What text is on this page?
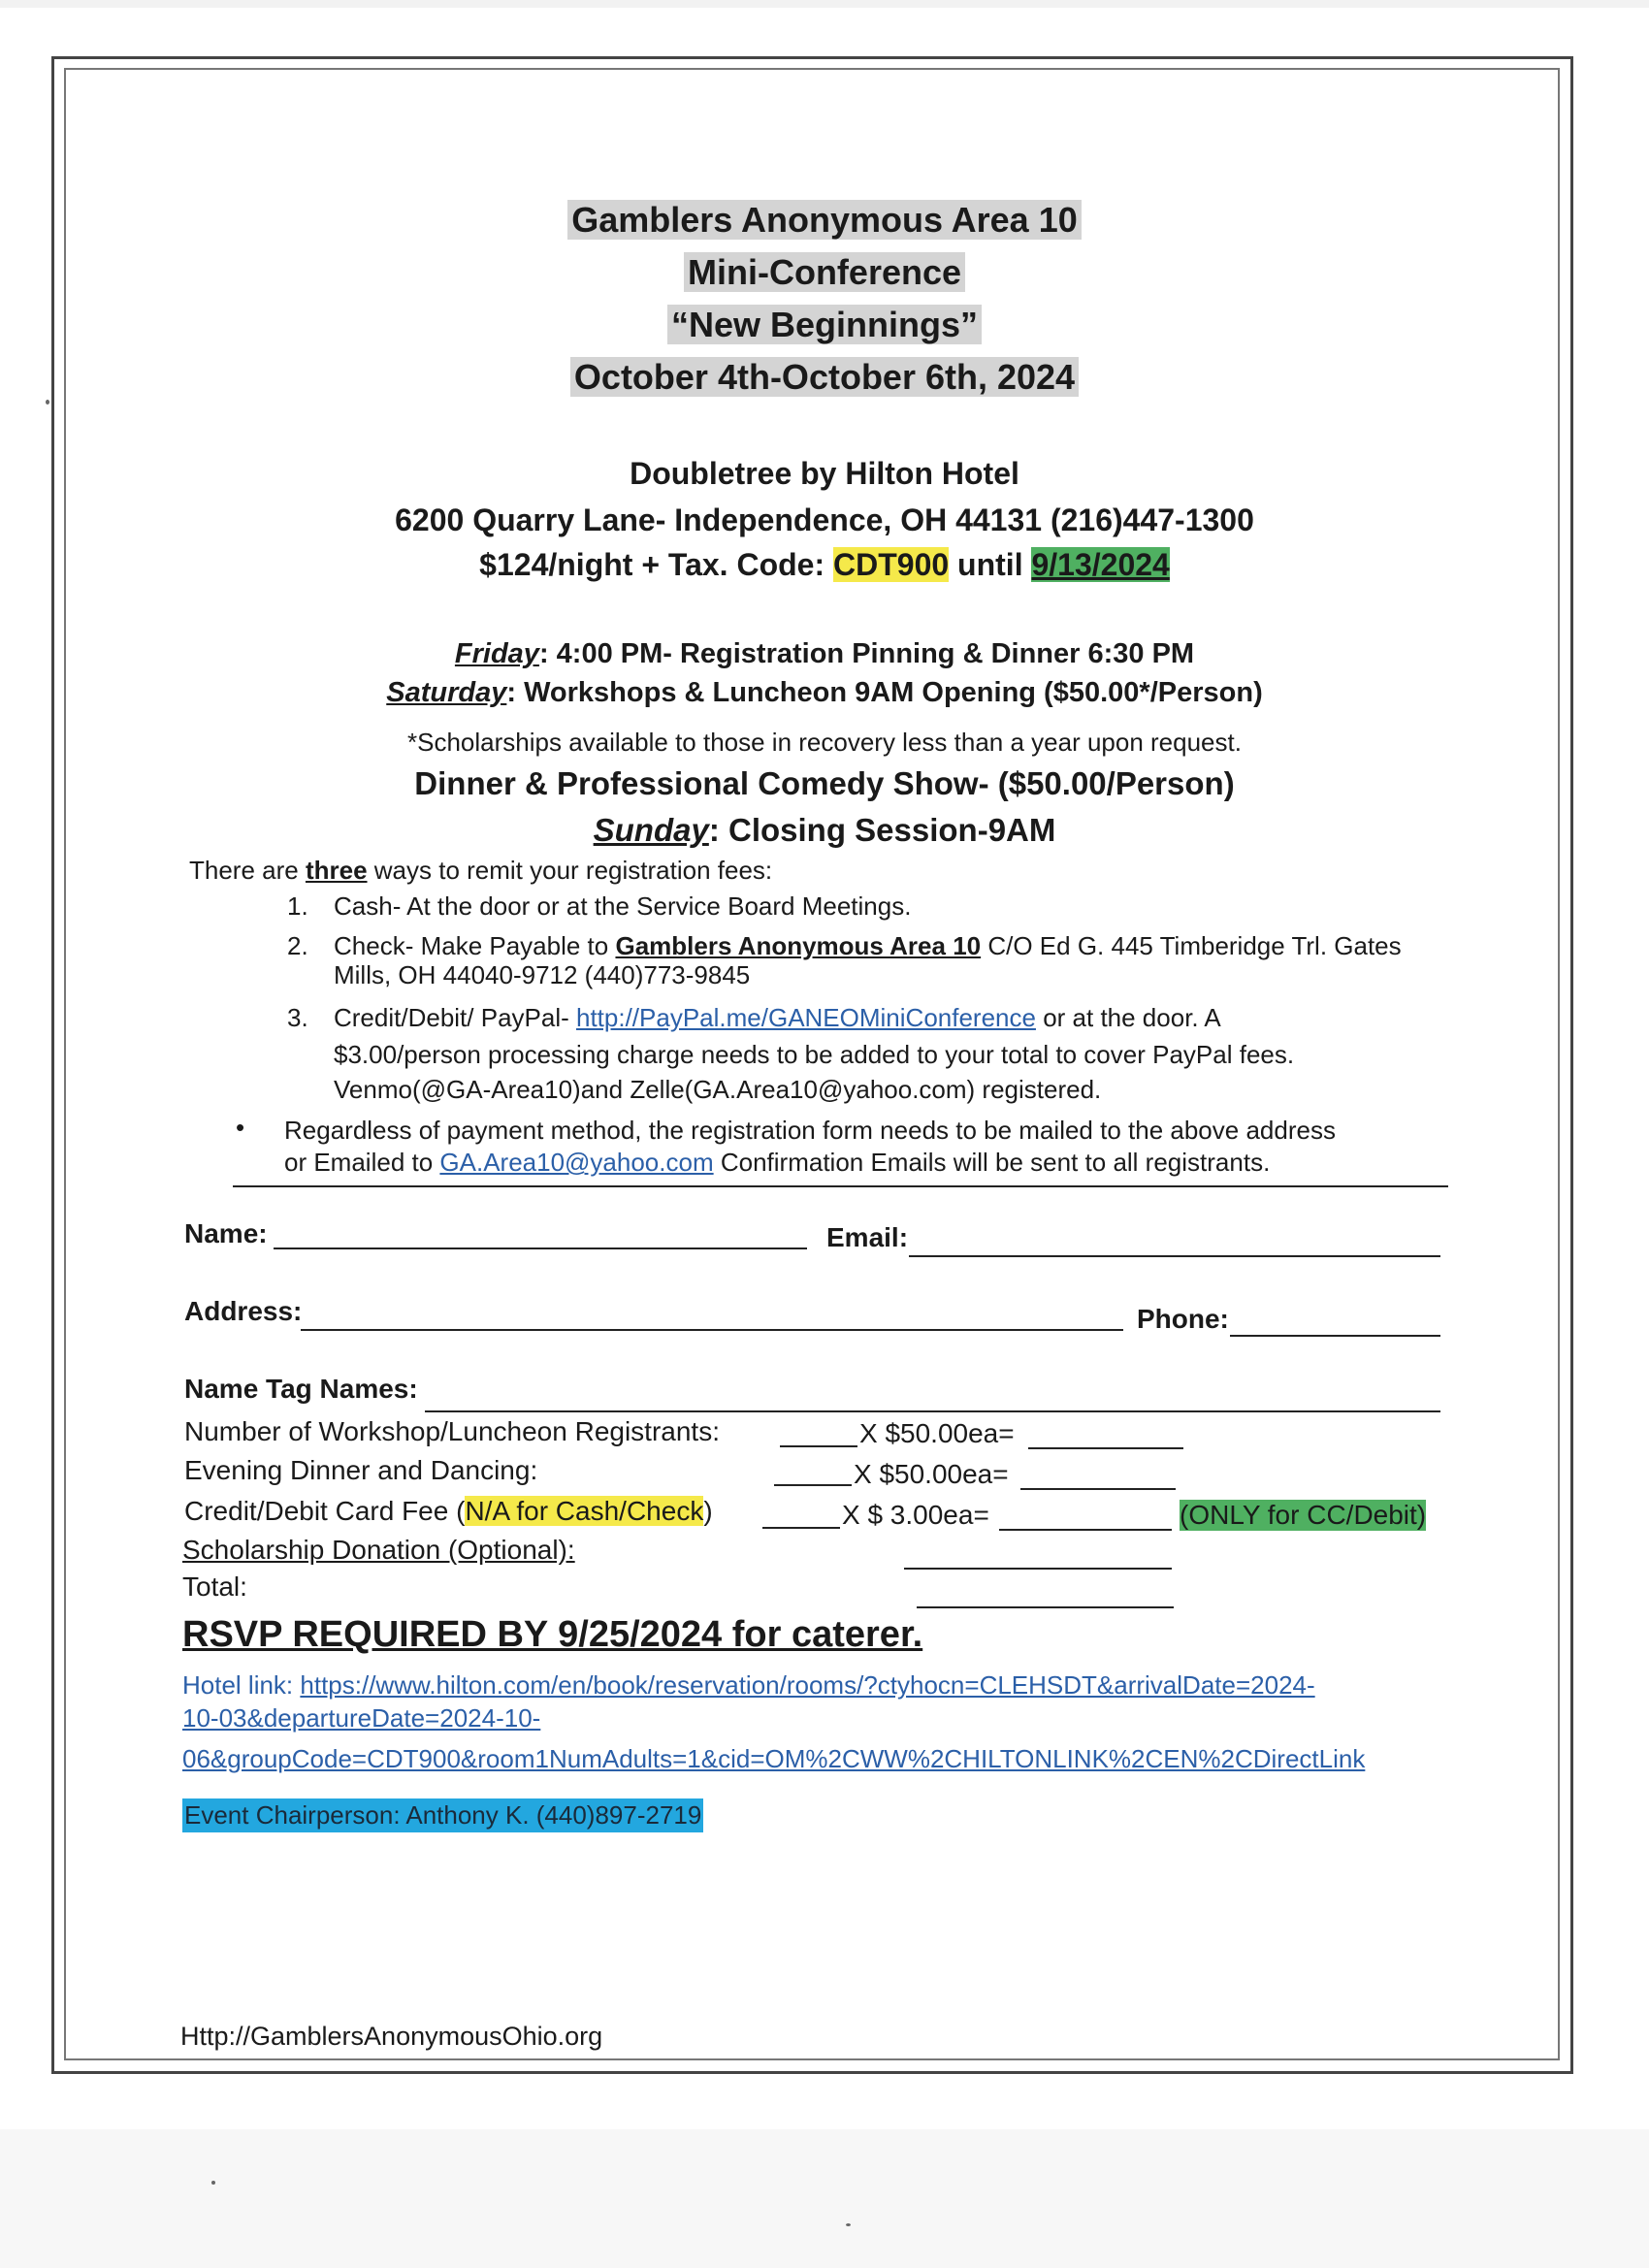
Gamblers Anonymous Area 10
Mini-Conference
“New Beginnings”
October 4th-October 6th, 2024
Doubletree by Hilton Hotel
6200 Quarry Lane- Independence, OH 44131 (216)447-1300
$124/night + Tax. Code: CDT900 until 9/13/2024
Friday: 4:00 PM- Registration Pinning & Dinner 6:30 PM
Saturday: Workshops & Luncheon 9AM Opening ($50.00*/Person)
*Scholarships available to those in recovery less than a year upon request.
Dinner & Professional Comedy Show- ($50.00/Person)
Sunday: Closing Session-9AM
There are three ways to remit your registration fees:
1. Cash- At the door or at the Service Board Meetings.
2. Check- Make Payable to Gamblers Anonymous Area 10 C/O Ed G. 445 Timberidge Trl. Gates
Mills, OH 44040-9712 (440)773-9845
3. Credit/Debit/ PayPal- http://PayPal.me/GANEOMiniConference or at the door. A
$3.00/person processing charge needs to be added to your total to cover PayPal fees.
Venmo(@GA-Area10)and Zelle(GA.Area10@yahoo.com) registered.
• Regardless of payment method, the registration form needs to be mailed to the above address
or Emailed to GA.Area10@yahoo.com Confirmation Emails will be sent to all registrants.
Name:	Email:
Address:	Phone:
Name Tag Names:
Number of Workshop/Luncheon Registrants:	X $50.00ea=
Evening Dinner and Dancing:	X $50.00ea=
Credit/Debit Card Fee (N/A for Cash/Check)	X $ 3.00ea=	(ONLY for CC/Debit)
Scholarship Donation (Optional):
Total:
RSVP REQUIRED BY 9/25/2024 for caterer.
Hotel link: https://www.hilton.com/en/book/reservation/rooms/?ctyhocn=CLEHSDT&arrivalDate=2024-
10-03&departureDate=2024-10-
06&groupCode=CDT900&room1NumAdults=1&cid=OM%2CWW%2CHILTONLINK%2CEN%2CDirectLink
Event Chairperson: Anthony K. (440)897-2719
Http://GamblersAnonymousOhio.org
